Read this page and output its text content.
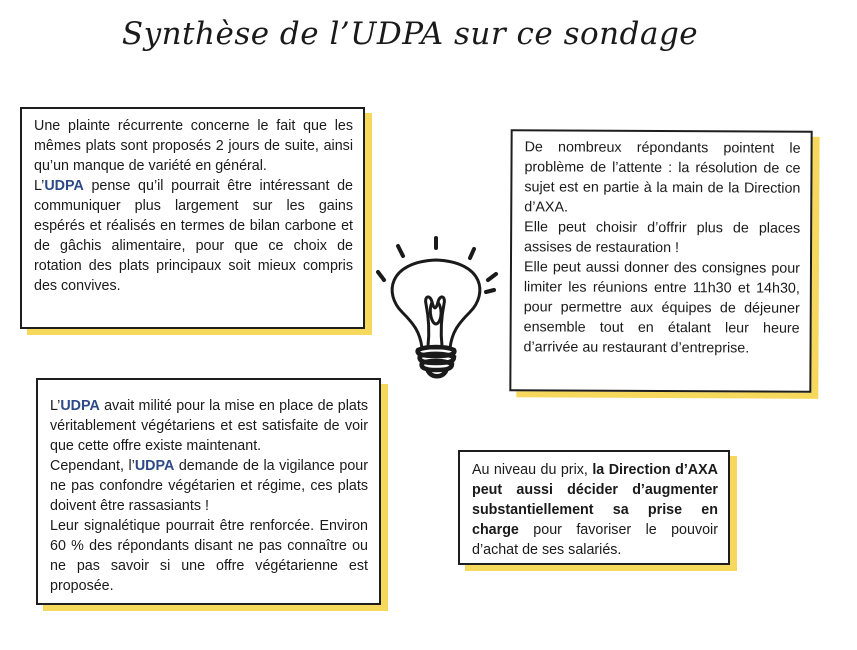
Synthèse de l’UDPA sur ce sondage

Une plainte récurrente concerne le fait que les mêmes plats sont proposés 2 jours de suite, ainsi qu’un manque de variété en général.

L’UDPA pense qu’il pourrait être intéressant de communiquer plus largement sur les gains espérés et réalisés en termes de bilan carbone et de gâchis alimentaire, pour que ce choix de rotation des plats principaux soit mieux compris des convives.

De nombreux répondants pointent le problème de l’attente : la résolution de ce sujet est en partie à la main de la Direction d’AXA.

Elle peut choisir d’offrir plus de places assises de restauration !

Elle peut aussi donner des consignes pour limiter les réunions entre 11h30 et 14h30, pour permettre aux équipes de déjeuner ensemble tout en étalant leur heure d’arrivée au restaurant d’entreprise.

L’UDPA avait milité pour la mise en place de plats véritablement végétariens et est satisfaite de voir que cette offre existe maintenant.

Cependant, l’UDPA demande de la vigilance pour ne pas confondre végétarien et régime, ces plats doivent être rassasiants !

Leur signalétique pourrait être renforcée. Environ 60 % des répondants disant ne pas connaître ou ne pas savoir si une offre végétarienne est proposée.

Au niveau du prix, la Direction d’AXA peut aussi décider d’augmenter substantiellement sa prise en charge pour favoriser le pouvoir d’achat de ses salariés.
